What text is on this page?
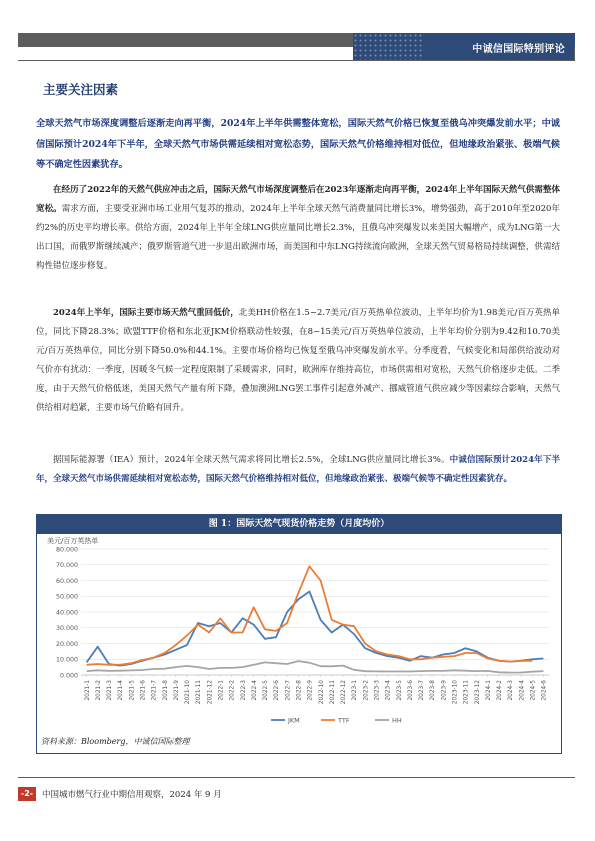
中诚信国际特别评论
主要关注因素

全球天然气市场深度调整后逐渐走向再平衡，2024年上半年供需整体宽松，国际天然气价格已恢复至俄乌冲突爆发前水平；中诚信国际预计2024年下半年，全球天然气市场供需延续相对宽松态势，国际天然气价格维持相对低位，但地缘政治紧张、极端气候等不确定性因素犹存。

在经历了2022年的天然气供应冲击之后，国际天然气市场深度调整后在2023年逐渐走向再平衡，2024年上半年国际天然气供需整体宽松。需求方面，主要受亚洲市场工业用气复苏的推动，2024年上半年全球天然气消费量同比增长3%，增势强劲，高于2010年至2020年约2%的历史平均增长率。供给方面，2024年上半年全球LNG供应量同比增长2.3%，且俄乌冲突爆发以来美国大幅增产，成为LNG第一大出口国，而俄罗斯继续减产；俄罗斯管道气进一步退出欧洲市场，而美国和中东LNG持续流向欧洲，全球天然气贸易格局持续调整，供需结构性错位逐步修复。

2024年上半年，国际主要市场天然气重回低价，北美HH价格在1.5~2.7美元/百万英热单位波动，上半年均价为1.98美元/百万英热单位，同比下降28.3%；欧盟TTF价格和东北亚JKM价格联动性较强，在8~15美元/百万英热单位波动，上半年均价分别为9.42和10.70美元/百万英热单位，同比分别下降50.0%和44.1%。主要市场价格均已恢复至俄乌冲突爆发前水平。分季度看，气候变化和局部供给波动对气价亦有扰动：一季度，因暖冬气候一定程度限制了采暖需求，同时，欧洲库存维持高位，市场供需相对宽松，天然气价格逐步走低。二季度，由于天然气价格低迷，美国天然气产量有所下降，叠加澳洲LNG罢工事件引起意外减产、挪威管道气供应减少等因素综合影响，天然气供给相对趋紧，主要市场气价略有回升。

据国际能源署（IEA）预计，2024年全球天然气需求将同比增长2.5%，全球LNG供应量同比增长3%。中诚信国际预计2024年下半年，全球天然气市场供需延续相对宽松态势，国际天然气价格维持相对低位，但地缘政治紧张、极端气候等不确定性因素犹存。

图 1：国际天然气现货价格走势（月度均价）
美元/百万英热单
0.000
10.000
20.000
30.000
40.000
50.000
60.000
70.000
80.000
2021-1 2021-2 2021-3 2021-4 2021-5 2021-6 2021-7 2021-8 2021-9 2021-10 2021-11 2021-12 2022-1 2022-2 2022-3 2022-4 2022-5 2022-6 2022-7 2022-8 2022-9 2022-10 2022-11 2022-12 2023-1 2023-2 2023-3 2023-4 2023-5 2023-6 2023-7 2023-8 2023-9 2023-10 2023-11 2023-12 2024-1 2024-2 2024-3 2024-4 2024-5 2024-6
JKM	TTF	HH
资料来源：Bloomberg，中诚信国际整理
-2-	中国城市燃气行业中期信用观察，2024 年 9 月
